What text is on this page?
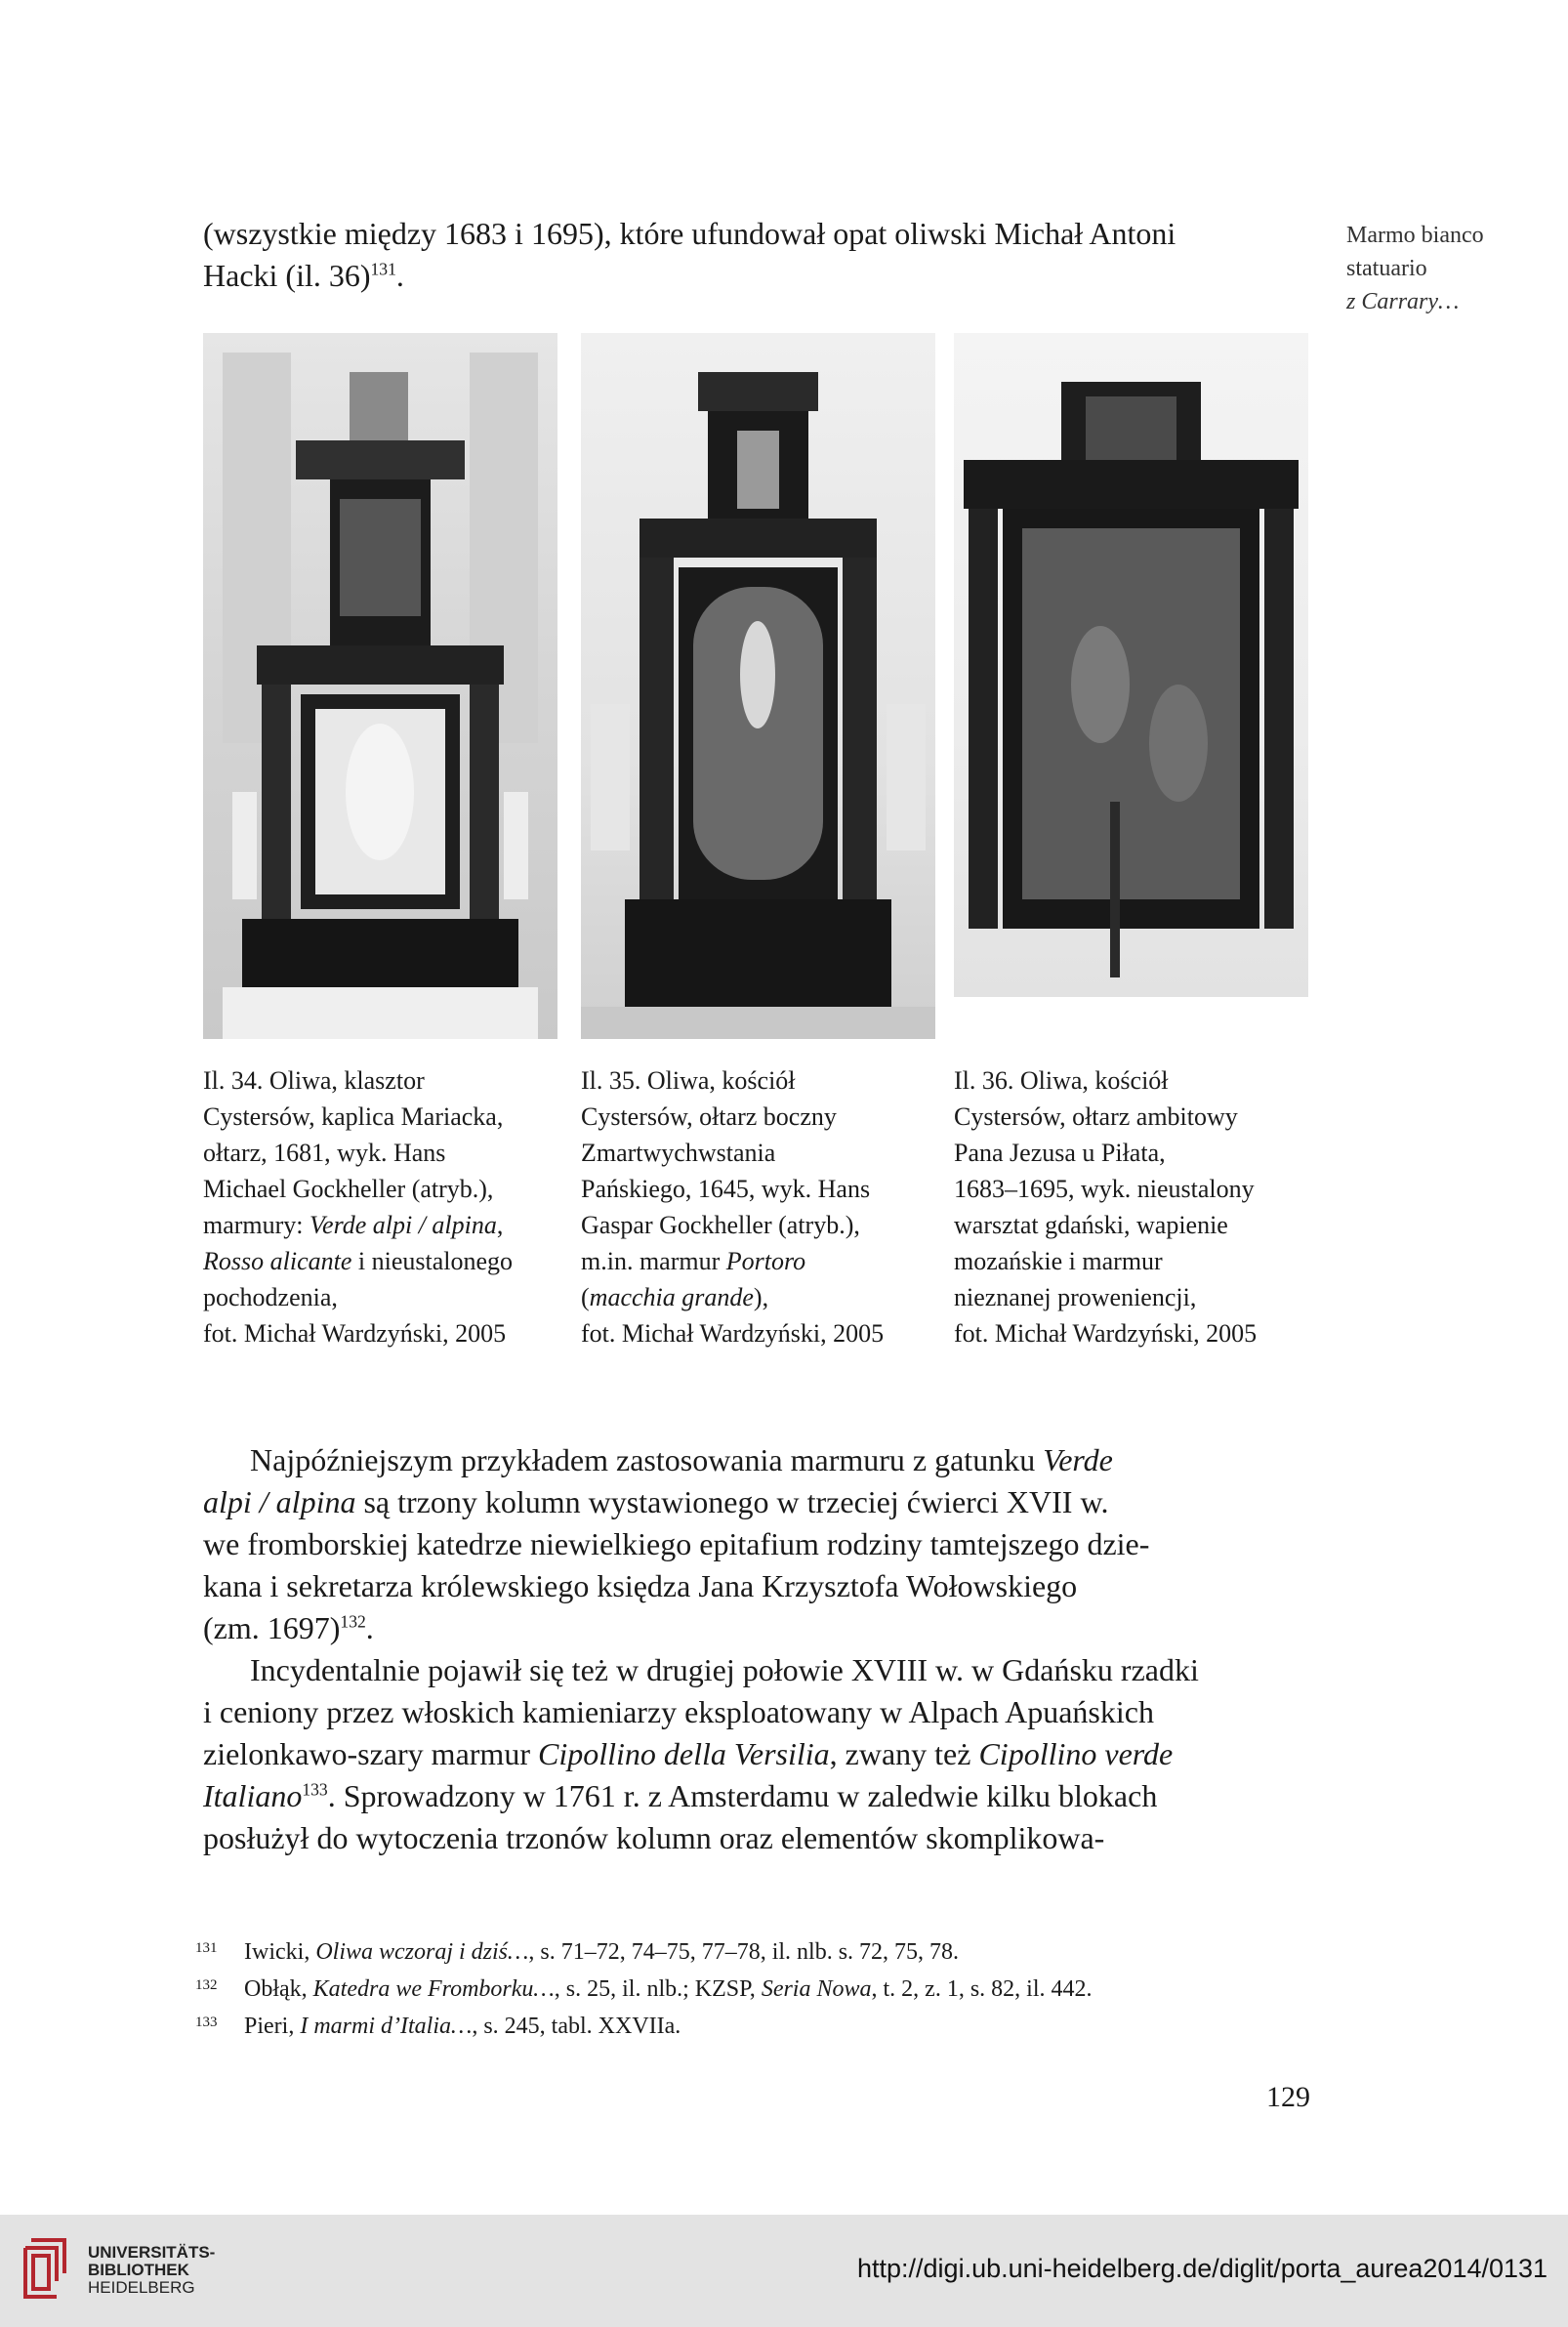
(wszystkie między 1683 i 1695), które ufundował opat oliwski Michał Antoni
Hacki (il. 36)$^{131}$.
Marmo bianco
statuario
z Carrary…
Il. 34. Oliwa, klasztor
Cystersów, kaplica Mariacka,
ołtarz, 1681, wyk. Hans
Michael Gockheller (atryb.),
marmury: Verde alpi / alpina,
Rosso alicante i nieustalonego
pochodzenia,
fot. Michał Wardzyński, 2005
Il. 35. Oliwa, kościół
Cystersów, ołtarz boczny
Zmartwychwstania
Pańskiego, 1645, wyk. Hans
Gaspar Gockheller (atryb.),
m.in. marmur Portoro
(macchia grande),
fot. Michał Wardzyński, 2005
Il. 36. Oliwa, kościół
Cystersów, ołtarz ambitowy
Pana Jezusa u Piłata,
1683–1695, wyk. nieustalony
warsztat gdański, wapienie
mozańskie i marmur
nieznanej proweniencji,
fot. Michał Wardzyński, 2005
Najpóźniejszym przykładem zastosowania marmuru z gatunku Verde
alpi / alpina są trzony kolumn wystawionego w trzeciej ćwierci XVII w.
we fromborskiej katedrze niewielkiego epitafium rodziny tamtejszego dzie-
kana i sekretarza królewskiego księdza Jana Krzysztofa Wołowskiego
(zm. 1697)$^{132}$.
Incydentalnie pojawił się też w drugiej połowie XVIII w. w Gdańsku rzadki
i ceniony przez włoskich kamieniarzy eksploatowany w Alpach Apuańskich
zielonkawo-szary marmur Cipollino della Versilia, zwany też Cipollino verde
Italiano$^{133}$. Sprowadzony w 1761 r. z Amsterdamu w zaledwie kilku blokach
posłużył do wytoczenia trzonów kolumn oraz elementów skomplikowa-
131 Iwicki, Oliwa wczoraj i dziś…, s. 71–72, 74–75, 77–78, il. nlb. s. 72, 75, 78.
132 Obłąk, Katedra we Fromborku…, s. 25, il. nlb.; KZSP, Seria Nowa, t. 2, z. 1, s. 82, il. 442.
133 Pieri, I marmi d’Italia…, s. 245, tabl. XXVIIa.
129
UNIVERSITÄTS-
BIBLIOTHEK
HEIDELBERG
http://digi.ub.uni-heidelberg.de/diglit/porta_aurea2014/0131
